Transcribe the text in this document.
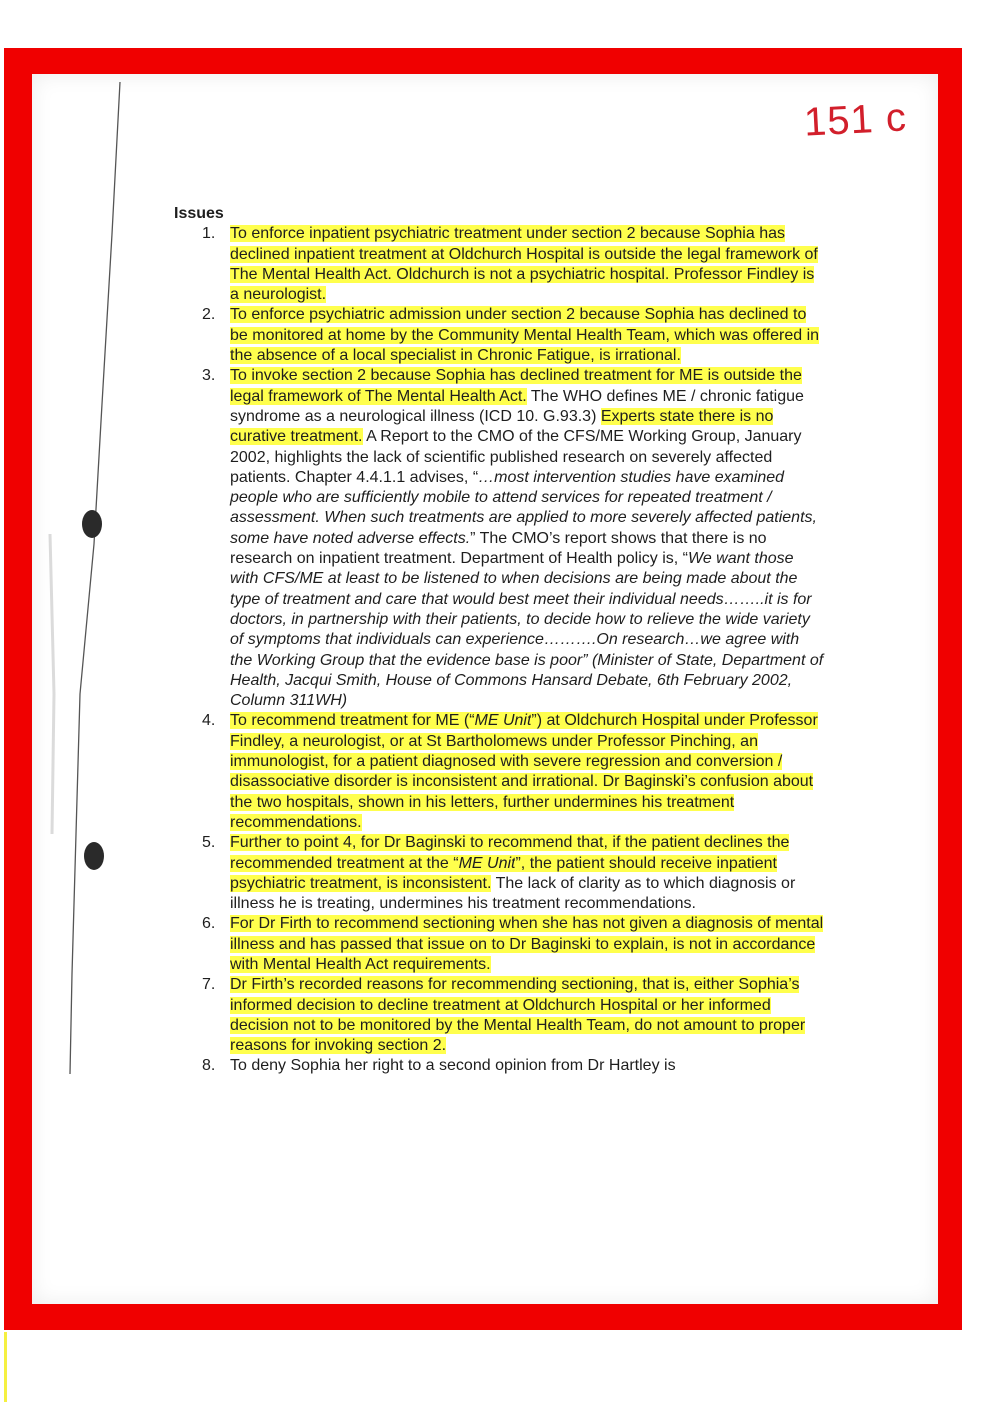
151 c
Issues
1. To enforce inpatient psychiatric treatment under section 2 because Sophia has declined inpatient treatment at Oldchurch Hospital is outside the legal framework of The Mental Health Act. Oldchurch is not a psychiatric hospital. Professor Findley is a neurologist.
2. To enforce psychiatric admission under section 2 because Sophia has declined to be monitored at home by the Community Mental Health Team, which was offered in the absence of a local specialist in Chronic Fatigue, is irrational.
3. To invoke section 2 because Sophia has declined treatment for ME is outside the legal framework of The Mental Health Act. The WHO defines ME / chronic fatigue syndrome as a neurological illness (ICD 10. G.93.3) Experts state there is no curative treatment. A Report to the CMO of the CFS/ME Working Group, January 2002, highlights the lack of scientific published research on severely affected patients. Chapter 4.4.1.1 advises, “…most intervention studies have examined people who are sufficiently mobile to attend services for repeated treatment / assessment. When such treatments are applied to more severely affected patients, some have noted adverse effects.” The CMO’s report shows that there is no research on inpatient treatment. Department of Health policy is, “We want those with CFS/ME at least to be listened to when decisions are being made about the type of treatment and care that would best meet their individual needs……..it is for doctors, in partnership with their patients, to decide how to relieve the wide variety of symptoms that individuals can experience……….On research…we agree with the Working Group that the evidence base is poor” (Minister of State, Department of Health, Jacqui Smith, House of Commons Hansard Debate, 6th February 2002, Column 311WH)
4. To recommend treatment for ME (“ME Unit”) at Oldchurch Hospital under Professor Findley, a neurologist, or at St Bartholomews under Professor Pinching, an immunologist, for a patient diagnosed with severe regression and conversion / disassociative disorder is inconsistent and irrational. Dr Baginski’s confusion about the two hospitals, shown in his letters, further undermines his treatment recommendations.
5. Further to point 4, for Dr Baginski to recommend that, if the patient declines the recommended treatment at the “ME Unit”, the patient should receive inpatient psychiatric treatment, is inconsistent. The lack of clarity as to which diagnosis or illness he is treating, undermines his treatment recommendations.
6. For Dr Firth to recommend sectioning when she has not given a diagnosis of mental illness and has passed that issue on to Dr Baginski to explain, is not in accordance with Mental Health Act requirements.
7. Dr Firth’s recorded reasons for recommending sectioning, that is, either Sophia’s informed decision to decline treatment at Oldchurch Hospital or her informed decision not to be monitored by the Mental Health Team, do not amount to proper reasons for invoking section 2.
8. To deny Sophia her right to a second opinion from Dr Hartley is
